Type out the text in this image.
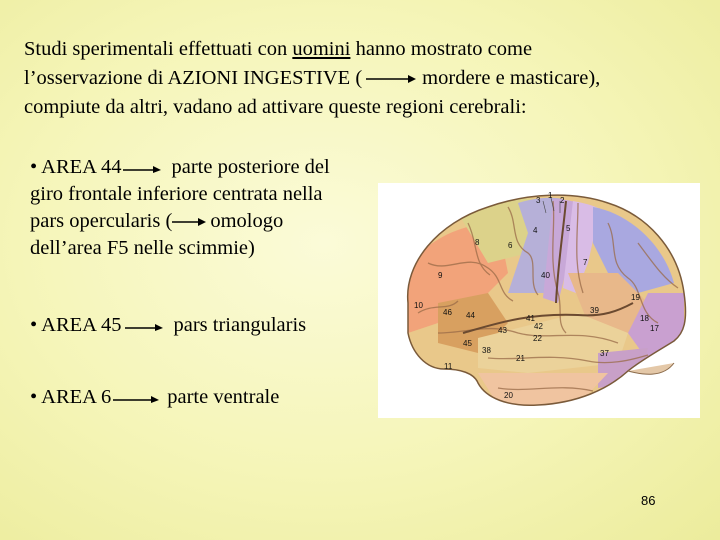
Studi sperimentali effettuati con uomini hanno mostrato come
l’osservazione di AZIONI INGESTIVE (	mordere e masticare),
compiute da altri, vadano ad attivare queste regioni cerebrali:

• AREA 44 parte posteriore del
giro frontale inferiore centrata nella
pars opercularis ( omologo
dell’area F5 nelle scimmie)

• AREA 45	pars triangularis

• AREA 6	parte ventrale

3
1
2
8	6
4	5
9
7
40
10
46 44	41
42
39
19
18
17
45
43
22
38
21
37
11
20
86
